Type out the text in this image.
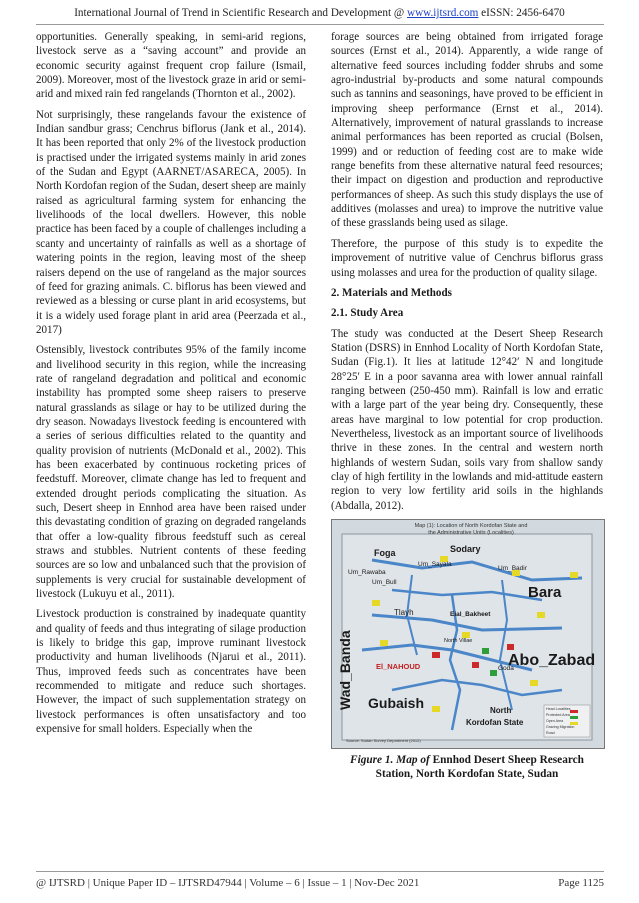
International Journal of Trend in Scientific Research and Development @ www.ijtsrd.com eISSN: 2456-6470

opportunities. Generally speaking, in semi-arid regions, livestock serve as a “saving account” and provide an economic security against frequent crop failure (Ismail, 2009). Moreover, most of the livestock graze in arid or semi-arid and mixed rain fed rangelands (Thornton et al., 2002).

Not surprisingly, these rangelands favour the existence of Indian sandbur grass; Cenchrus biflorus (Jank et al., 2014). It has been reported that only 2% of the livestock production is practised under the irrigated systems mainly in arid zones of the Sudan and Egypt (AARNET/ASARECA, 2005). In North Kordofan region of the Sudan, desert sheep are mainly raised as agricultural farming system for enhancing the livelihoods of the local dwellers. However, this noble practice has been faced by a couple of challenges including a scanty and uncertainty of rainfalls as well as a shortage of watering points in the region, leaving most of the sheep raisers depend on the use of rangeland as the major sources of feed for grazing animals. C. biflorus has been viewed and reviewed as a blessing or curse plant in arid ecosystems, but it is a widely used forage plant in arid area (Peerzada et al., 2017)

Ostensibly, livestock contributes 95% of the family income and livelihood security in this region, while the increasing rate of rangeland degradation and political and economic instability has prompted some sheep raisers to preserve natural grasslands as silage or hay to be utilized during the dry season. Nowadays livestock feeding is encountered with a series of serious difficulties related to the quantity and quality provision of nutrients (McDonald et al., 2002). This has been exacerbated by continuous rocketing prices of feedstuff. Moreover, climate change has led to frequent and extended drought periods complicating the situation. As such, Desert sheep in Ennhod area have been raised under this devastating condition of grazing on degraded rangelands that offer a low-quality fibrous feedstuff such as cereal straws and stubbles. Nutrient contents of these feeding sources are so low and unbalanced such that the provision of supplements is very crucial for sustainable development of livestock (Lukuyu et al., 2011).

Livestock production is constrained by inadequate quantity and quality of feeds and thus integrating of silage production is likely to bridge this gap, improve ruminant livestock productivity and human livelihoods (Njarui et al., 2011). Thus, improved feeds such as concentrates have been recommended to mitigate and reduce such shortages. However, the impact of such supplementation strategy on livestock performances is often unsatisfactory and too expensive for small holders. Especially when the

forage sources are being obtained from irrigated forage sources (Ernst et al., 2014). Apparently, a wide range of alternative feed sources including fodder shrubs and some agro-industrial by-products and some natural compounds such as tannins and seasonings, have proved to be efficient in improving sheep performance (Ernst et al., 2014). Alternatively, improvement of natural grasslands to increase animal performances has been reported as crucial (Bolsen, 1999) and or reduction of feeding cost are to make wide range benefits from these alternative natural feed resources; their impact on digestion and production and reproductive performances of sheep. As such this study displays the use of additives (molasses and urea) to improve the nutritive value of these grasslands being used as silage.

Therefore, the purpose of this study is to expedite the improvement of nutritive value of Cenchrus biflorus grass using molasses and urea for the production of quality silage.

2. Materials and Methods

2.1. Study Area

The study was conducted at the Desert Sheep Research Station (DSRS) in Ennhod Locality of North Kordofan State, Sudan (Fig.1). It lies at latitude 12°42′ N and longitude 28°25′ E in a poor savanna area with lower annual rainfall ranging between (250-450 mm). Rainfall is low and erratic with a large part of the year being dry. Consequently, these areas have marginal to low potential for crop production. Nevertheless, livestock as an important source of livelihoods thrive in these zones. In the central and western north highlands of western Sudan, soils vary from shallow sandy clay of high fertility in the lowlands and mid-attitude eastern region to very low fertility arid soils in the highlands (Abdalla, 2012).

Map (1): Location of North Kordofan State and
the Administrative Units (Localities)
Foga	Sodary
Um_Sayala
Um_Badir
Um_Rawaba
Um_Bull
Bara
Tlayh	Eial_Bakheet
North Villae
Wad_Banda	Abo_Zabad
El_NAHOUD	Goda
Gubaish	North
Kordofan State
Head Localities
Protected Area
Open Area
Grazing Migration
Road
Source: Sudan Survey Department (2012)
Figure 1. Map of Ennhod Desert Sheep Research Station, North Kordofan State, Sudan
@ IJTSRD | Unique Paper ID – IJTSRD47944 | Volume – 6 | Issue – 1 | Nov-Dec 2021	Page 1125
